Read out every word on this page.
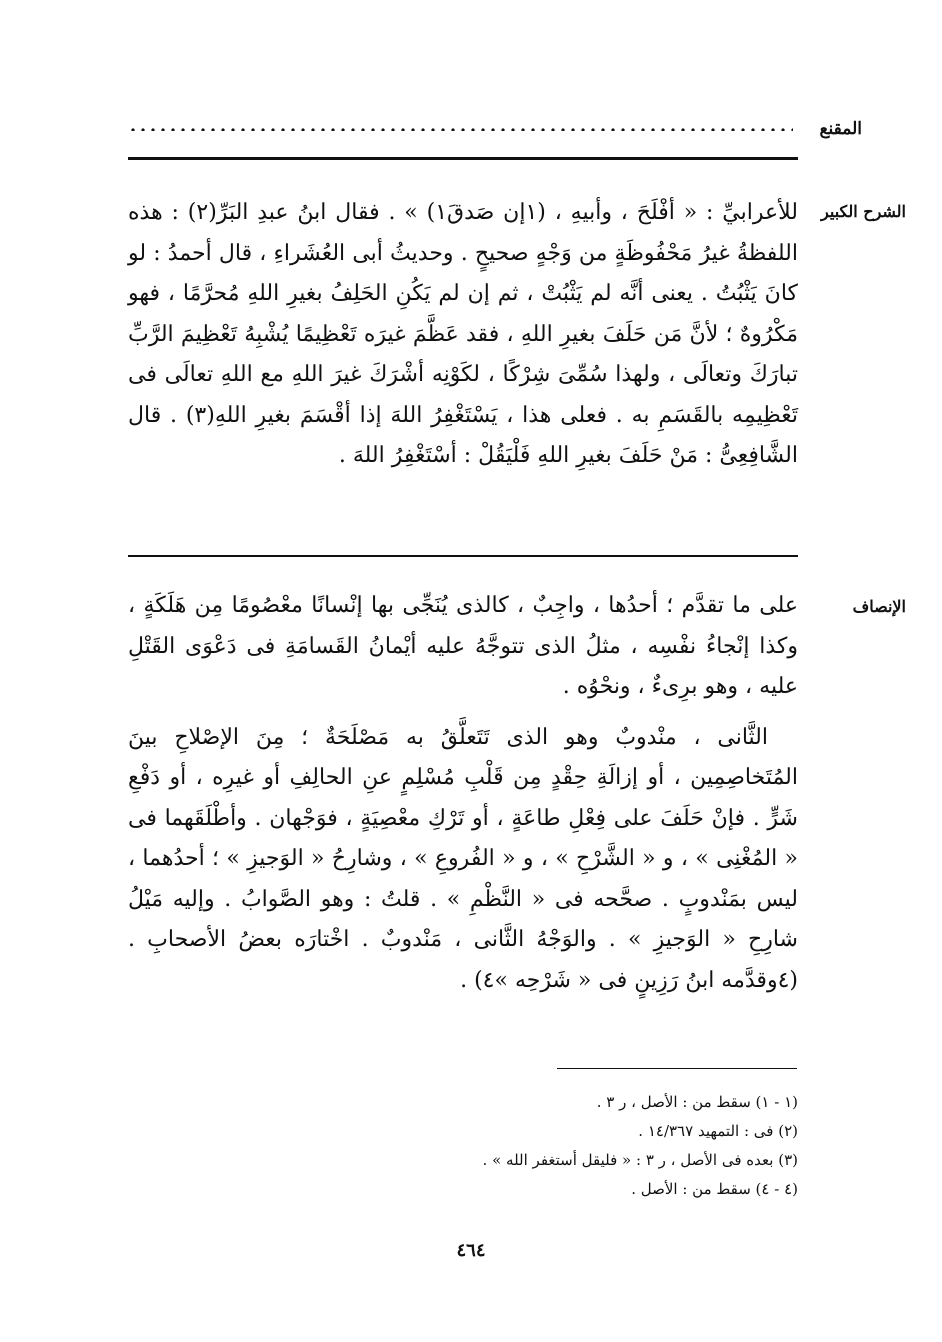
المقنع
الشرح الكبير

للأعرابيِّ : « أفْلَحَ ، وأبيهِ ، (١إن صَدقَ١) » . فقال ابنُ عبدِ البَرِّ(٢) : هذه اللفظةُ غيرُ مَحْفُوظَةٍ من وَجْهٍ صحيحٍ . وحديثُ أبى العُشَراءِ ، قال أحمدُ : لو كانَ يَثْبُتُ . يعنى أنَّه لم يَثْبُتْ ، ثم إن لم يَكُنِ الحَلِفُ بغيرِ اللهِ مُحرَّمًا ، فهو مَكْرُوهٌ ؛ لأنَّ مَن حَلَفَ بغيرِ اللهِ ، فقد عَظَّمَ غيرَه تَعْظِيمًا يُشْبِهُ تَعْظِيمَ الرَّبِّ تبارَكَ وتعالَى ، ولهذا سُمِّىَ شِرْكًا ، لكَوْنِه أشْرَكَ غيرَ اللهِ مع اللهِ تعالَى فى تَعْظِيمِه بالقَسَمِ به . فعلى هذا ، يَسْتَغْفِرُ اللهَ إذا أقْسَمَ بغيرِ اللهِ(٣) . قال الشَّافِعِىُّ : مَنْ حَلَفَ بغيرِ اللهِ فَلْيَقُلْ : أسْتَغْفِرُ اللهَ .

الإنصاف

على ما تقدَّم ؛ أحدُها ، واجِبٌ ، كالذى يُنَجِّى بها إنْسانًا معْصُومًا مِن هَلَكَةٍ ، وكذا إنْجاءُ نفْسِه ، مثلُ الذى تتوجَّهُ عليه أيْمانُ القَسامَةِ فى دَعْوَى القَتْلِ عليه ، وهو برِىءٌ ، ونحْوُه .

الثَّانى ، منْدوبٌ وهو الذى تَتَعلَّقُ به مَصْلَحَةٌ ؛ مِنَ الإصْلاحِ بينَ المُتَخاصِمِين ، أو إزالَةِ حِقْدٍ مِن قَلْبِ مُسْلِمٍ عنِ الحالِفِ أو غيرِه ، أو دَفْعِ شَرٍّ . فإنْ حَلَفَ على فِعْلِ طاعَةٍ ، أو تَرْكِ معْصِيَةٍ ، فوَجْهان . وأطْلَقَهما فى « المُغْنِى » ، و « الشَّرْحِ » ، و « الفُروعِ » ، وشارِحُ « الوَجيزِ » ؛ أحدُهما ، ليس بمَنْدوبٍ . صحَّحه فى « النَّظْمِ » . قلتُ : وهو الصَّوابُ . وإليه مَيْلُ شارِحِ « الوَجيزِ » . والوَجْهُ الثَّانى ، مَنْدوبٌ . اخْتارَه بعضُ الأصحابِ . (٤وقدَّمه ابنُ رَزِينٍ فى « شَرْحِه »٤) .

(١ - ١) سقط من : الأصل ، ر ٣ .
(٢) فى : التمهيد ١٤/٣٦٧ .
(٣) بعده فى الأصل ، ر ٣ : « فليقل أستغفر الله » .
(٤ - ٤) سقط من : الأصل .
٤٦٤
